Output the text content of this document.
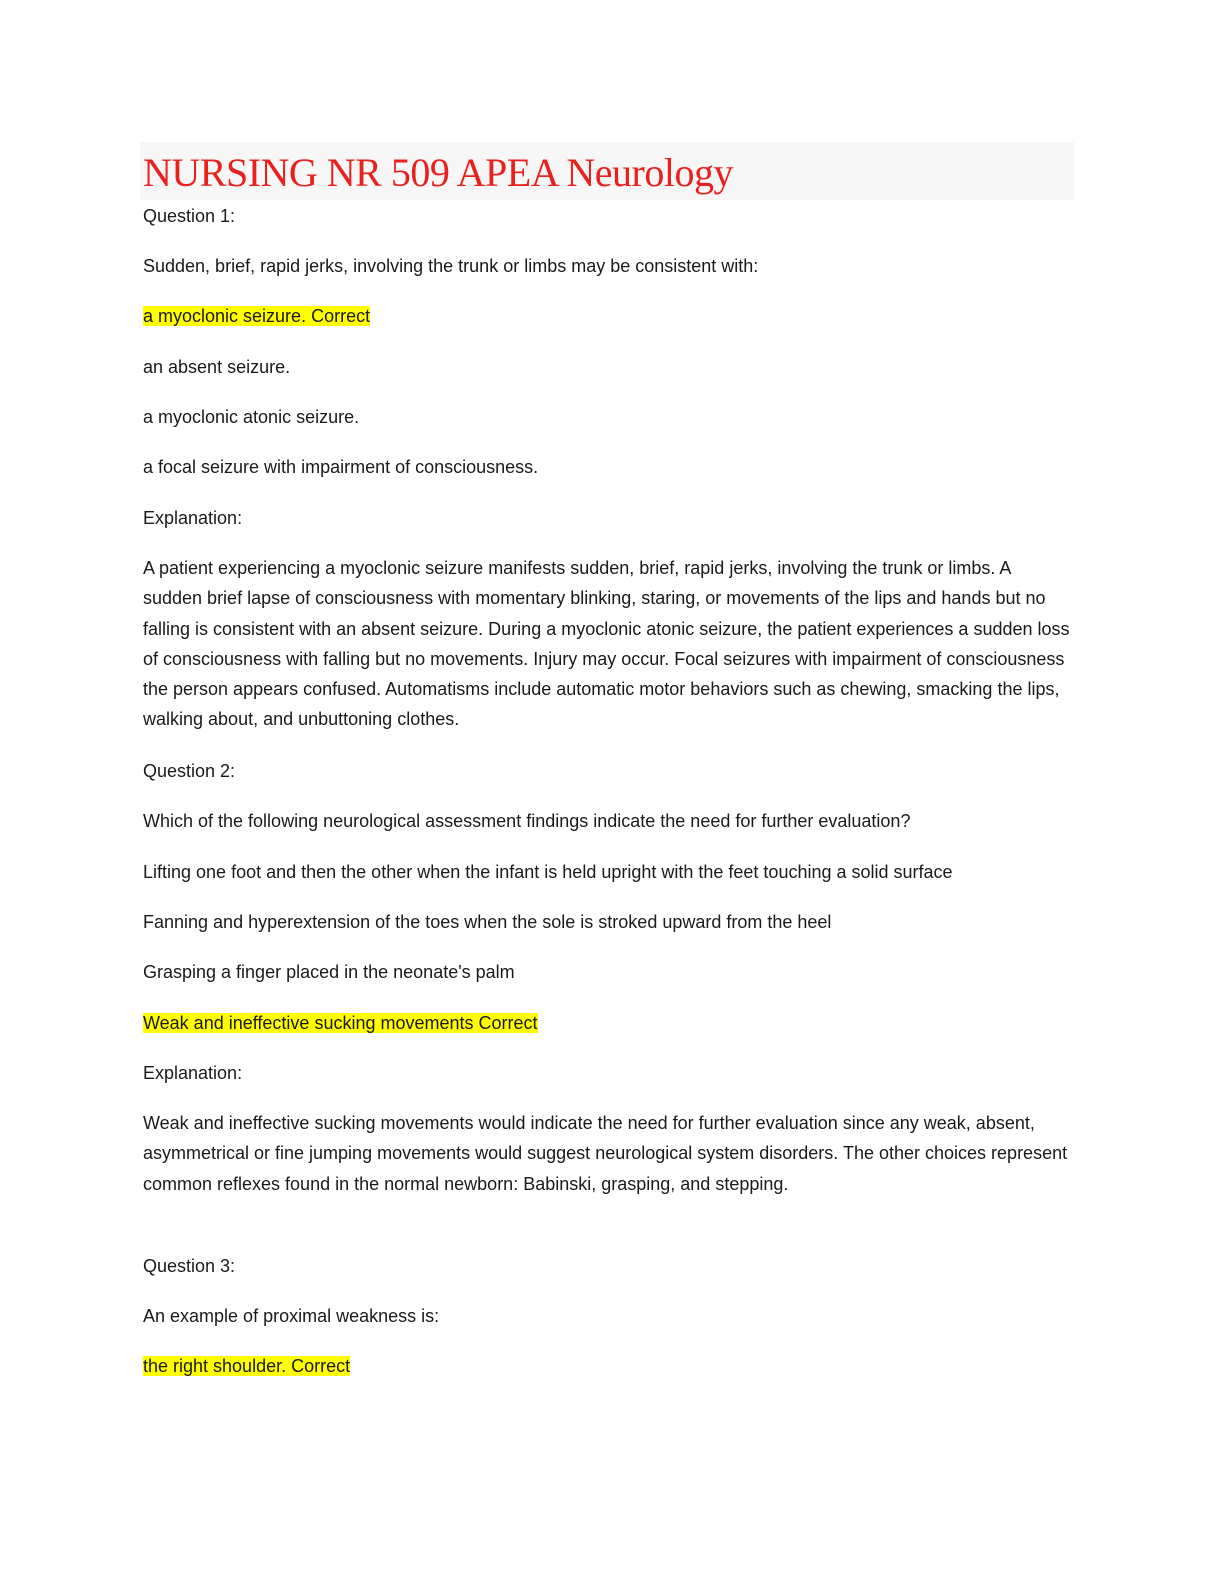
NURSING NR 509 APEA Neurology

Question 1:

Sudden, brief, rapid jerks, involving the trunk or limbs may be consistent with:

a myoclonic seizure. Correct

an absent seizure.

a myoclonic atonic seizure.

a focal seizure with impairment of consciousness.

Explanation:

A patient experiencing a myoclonic seizure manifests sudden, brief, rapid jerks, involving the trunk or limbs. A sudden brief lapse of consciousness with momentary blinking, staring, or movements of the lips and hands but no falling is consistent with an absent seizure. During a myoclonic atonic seizure, the patient experiences a sudden loss of consciousness with falling but no movements. Injury may occur. Focal seizures with impairment of consciousness the person appears confused. Automatisms include automatic motor behaviors such as chewing, smacking the lips, walking about, and unbuttoning clothes.

Question 2:

Which of the following neurological assessment findings indicate the need for further evaluation?

Lifting one foot and then the other when the infant is held upright with the feet touching a solid surface

Fanning and hyperextension of the toes when the sole is stroked upward from the heel

Grasping a finger placed in the neonate's palm

Weak and ineffective sucking movements Correct

Explanation:

Weak and ineffective sucking movements would indicate the need for further evaluation since any weak, absent, asymmetrical or fine jumping movements would suggest neurological system disorders. The other choices represent common reflexes found in the normal newborn: Babinski, grasping, and stepping.

Question 3:

An example of proximal weakness is:

the right shoulder. Correct
